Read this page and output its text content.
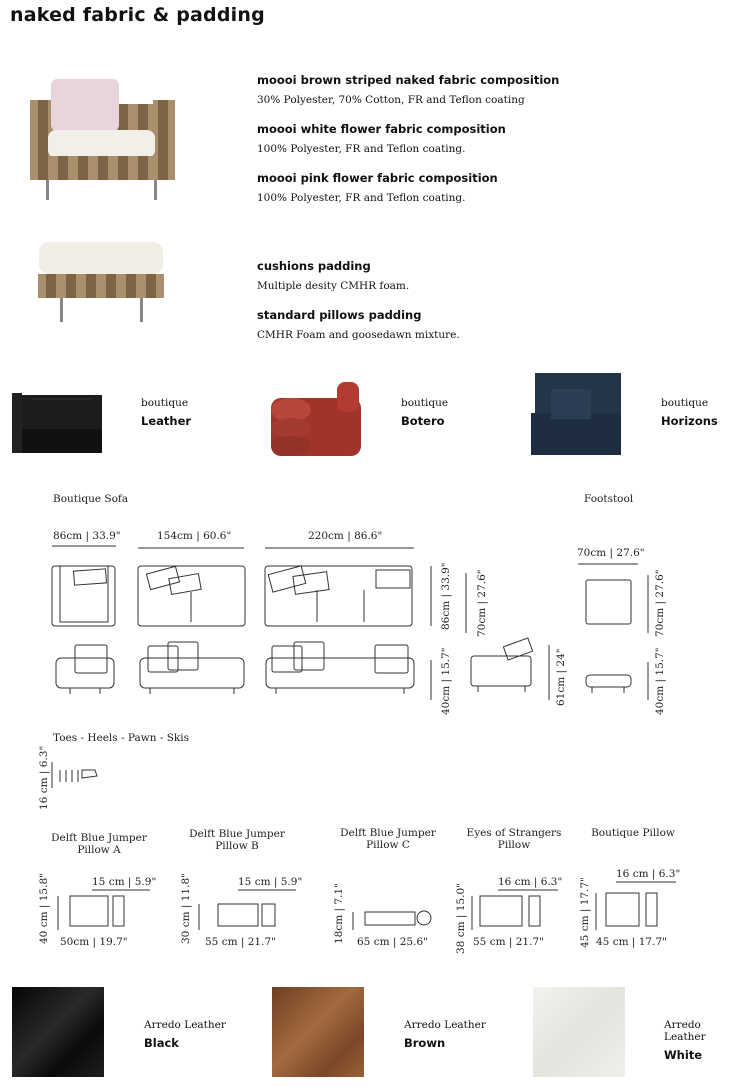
naked fabric & padding
moooi brown striped naked fabric composition
30% Polyester, 70% Cotton, FR and Teflon coating
moooi white flower fabric composition
100% Polyester, FR and Teflon coating.
moooi pink flower fabric composition
100% Polyester, FR and Teflon coating.
cushions padding
Multiple desity CMHR foam.
standard pillows padding
CMHR Foam and goosedawn mixture.
boutique
Leather
boutique
Botero
boutique
Horizons
Boutique Sofa	Footstool
86cm | 33.9"	154cm | 60.6"	220cm | 86.6"
70cm | 27.6"
86cm | 33.9" 70cm | 27.6"
40cm | 15.7"	61cm | 24"
70cm | 27.6"
40cm | 15.7"
Toes - Heels - Pawn - Skis
16 cm | 6.3"
Delft Blue Jumper
Pillow A
Delft Blue Jumper
Pillow B
Delft Blue Jumper
Pillow C
Eyes of Strangers
Pillow
Boutique Pillow
40 cm | 15.8"	15 cm | 5.9"
50cm | 19.7"	30 cm | 11.8"	15 cm | 5.9"
55 cm | 21.7"	18cm | 7.1" 65 cm | 25.6"	38 cm | 15.0"
16 cm | 6.3"
55 cm | 21.7"	45 cm | 17.7"
16 cm | 6.3"
45 cm | 17.7"
Arredo Leather
Black
Arredo Leather
Brown
Arredo Leather
White
